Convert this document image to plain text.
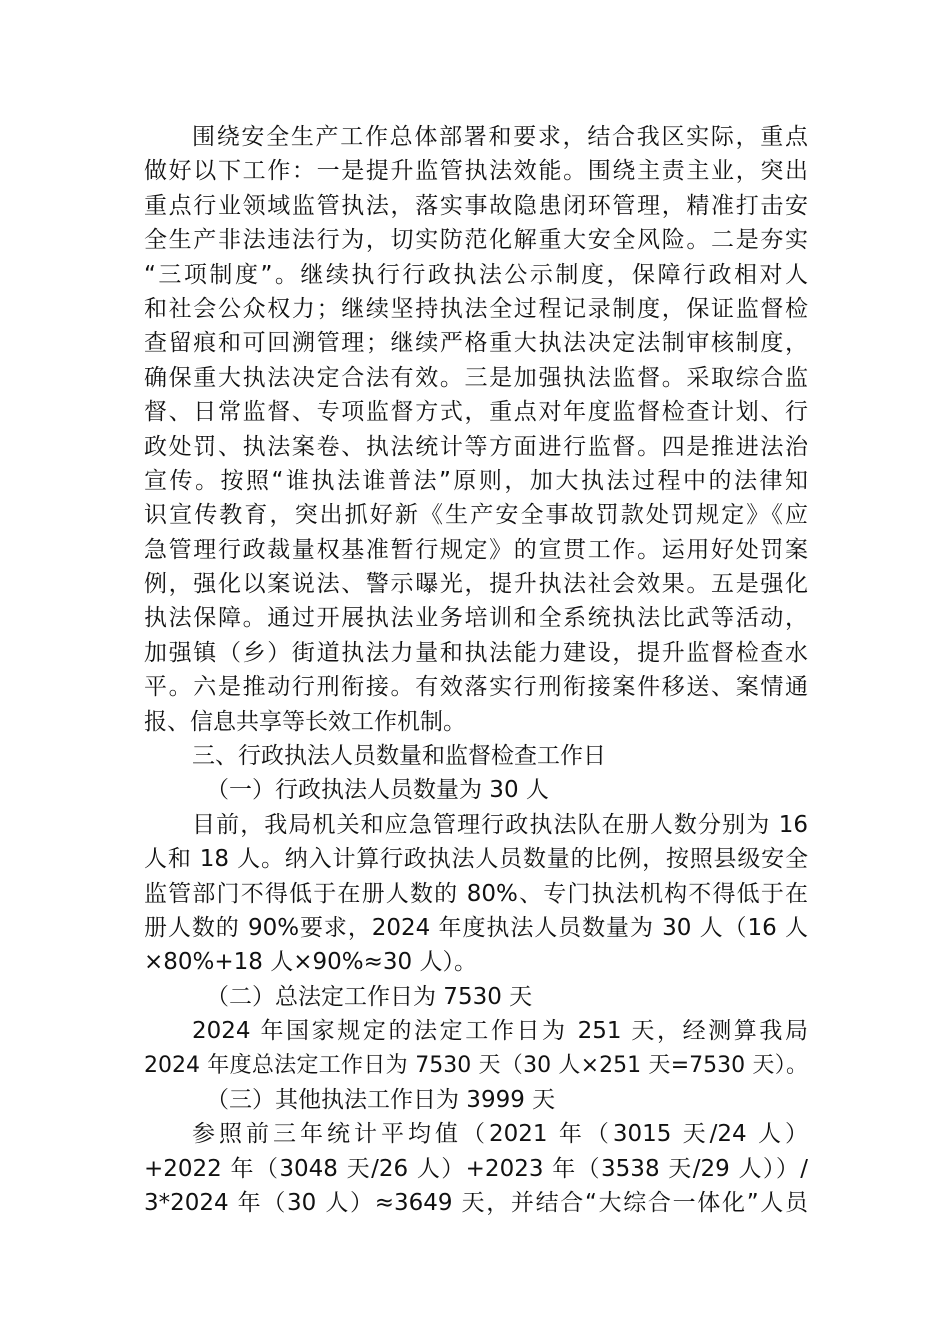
围绕安全生产工作总体部署和要求，结合我区实际，重点
做好以下工作：一是提升监管执法效能。围绕主责主业，突出
重点行业领域监管执法，落实事故隐患闭环管理，精准打击安
全生产非法违法行为，切实防范化解重大安全风险。二是夯实
“三项制度”。继续执行行政执法公示制度，保障行政相对人
和社会公众权力；继续坚持执法全过程记录制度，保证监督检
查留痕和可回溯管理；继续严格重大执法决定法制审核制度，
确保重大执法决定合法有效。三是加强执法监督。采取综合监
督、日常监督、专项监督方式，重点对年度监督检查计划、行
政处罚、执法案卷、执法统计等方面进行监督。四是推进法治
宣传。按照“谁执法谁普法”原则，加大执法过程中的法律知
识宣传教育，突出抓好新《生产安全事故罚款处罚规定》《应
急管理行政裁量权基准暂行规定》的宣贯工作。运用好处罚案
例，强化以案说法、警示曝光，提升执法社会效果。五是强化
执法保障。通过开展执法业务培训和全系统执法比武等活动，
加强镇（乡）街道执法力量和执法能力建设，提升监督检查水
平。六是推动行刑衔接。有效落实行刑衔接案件移送、案情通
报、信息共享等长效工作机制。
三、行政执法人员数量和监督检查工作日
（一）行政执法人员数量为 30 人
目前，我局机关和应急管理行政执法队在册人数分别为 16
人和 18 人。纳入计算行政执法人员数量的比例，按照县级安全
监管部门不得低于在册人数的 80%、专门执法机构不得低于在
册人数的 90%要求，2024 年度执法人员数量为 30 人（16 人
×80%+18 人×90%≈30 人）。
（二）总法定工作日为 7530 天
2024 年国家规定的法定工作日为 251 天，经测算我局
2024 年度总法定工作日为 7530 天（30 人×251 天=7530 天）。
（三）其他执法工作日为 3999 天
参照前三年统计平均值（2021 年（3015 天/24 人）
+2022 年（3048 天/26 人）+2023 年（3538 天/29 人））/
3*2024 年（30 人）≈3649 天，并结合“大综合一体化”人员
